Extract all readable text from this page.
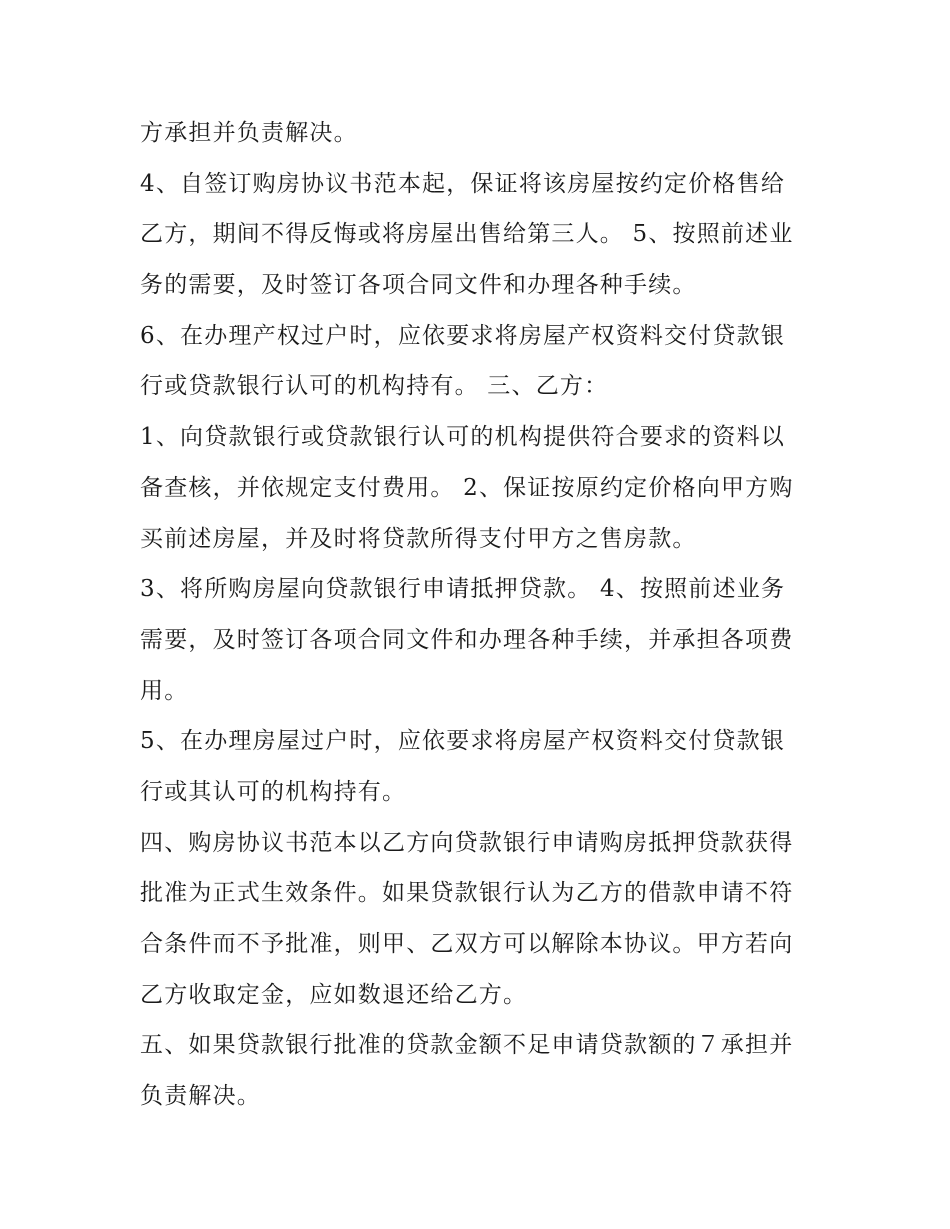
方承担并负责解决。

4、自签订购房协议书范本起，保证将该房屋按约定价格售给

乙方，期间不得反悔或将房屋出售给第三人。 5、按照前述业

务的需要，及时签订各项合同文件和办理各种手续。

6、在办理产权过户时，应依要求将房屋产权资料交付贷款银

行或贷款银行认可的机构持有。 三、乙方：

1、向贷款银行或贷款银行认可的机构提供符合要求的资料以

备查核，并依规定支付费用。 2、保证按原约定价格向甲方购

买前述房屋，并及时将贷款所得支付甲方之售房款。

3、将所购房屋向贷款银行申请抵押贷款。 4、按照前述业务

需要，及时签订各项合同文件和办理各种手续，并承担各项费

用。

5、在办理房屋过户时，应依要求将房屋产权资料交付贷款银

行或其认可的机构持有。

四、购房协议书范本以乙方向贷款银行申请购房抵押贷款获得

批准为正式生效条件。如果贷款银行认为乙方的借款申请不符

合条件而不予批准，则甲、乙双方可以解除本协议。甲方若向

乙方收取定金，应如数退还给乙方。

五、如果贷款银行批准的贷款金额不足申请贷款额的７承担并

负责解决。
